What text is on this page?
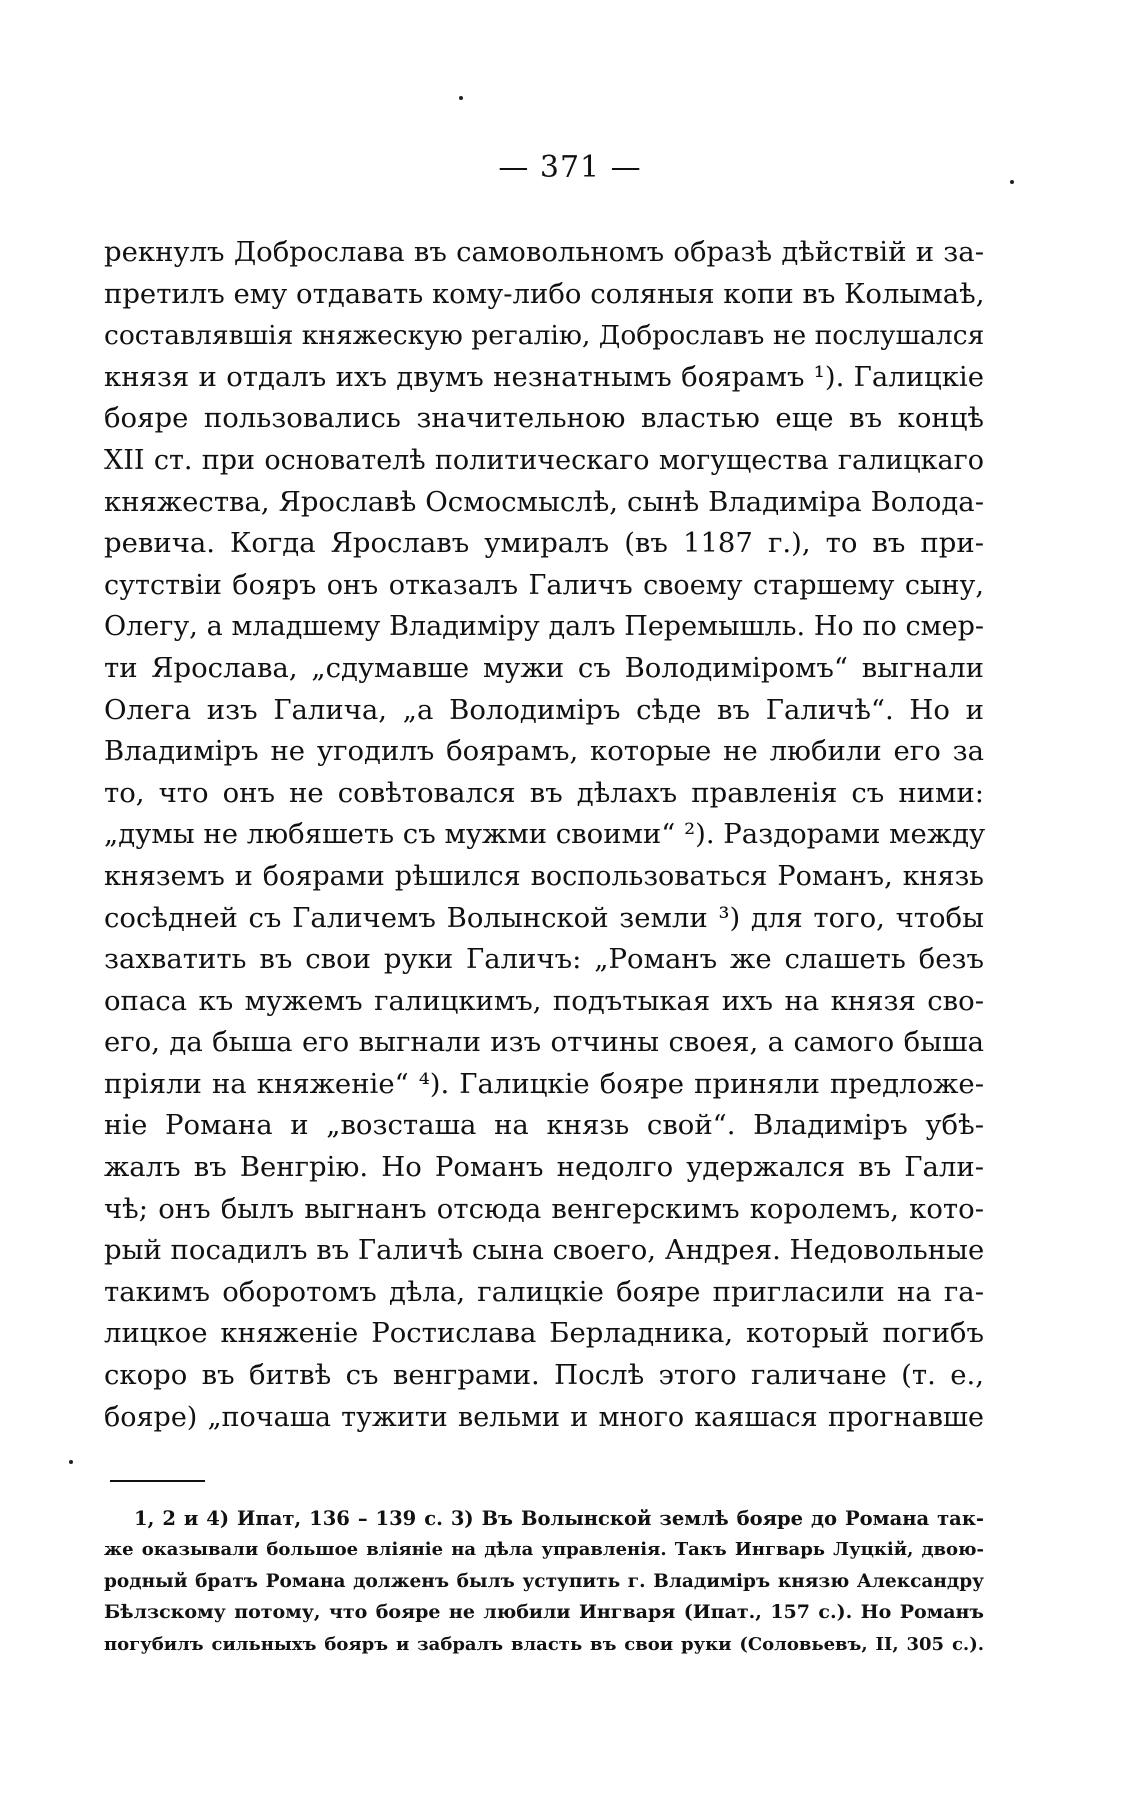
— 371 —
рекнулъ Доброслава въ самовольномъ образѣ дѣйствій и за-
претилъ ему отдавать кому-либо соляныя копи въ Колымаѣ,
составлявшія княжескую регалію, Доброславъ не послушался
князя и отдалъ ихъ двумъ незнатнымъ боярамъ ¹). Галицкіе
бояре пользовались значительною властью еще въ концѣ
XII ст. при основателѣ политическаго могущества галицкаго
княжества, Ярославѣ Осмосмыслѣ, сынѣ Владиміра Волода-
ревича. Когда Ярославъ умиралъ (въ 1187 г.), то въ при-
сутствіи бояръ онъ отказалъ Галичъ своему старшему сыну,
Олегу, а младшему Владиміру далъ Перемышль. Но по смер-
ти Ярослава, „сдумавше мужи съ Володиміромъ“ выгнали
Олега изъ Галича, „а Володиміръ сѣде въ Галичѣ“. Но и
Владиміръ не угодилъ боярамъ, которые не любили его за
то, что онъ не совѣтовался въ дѣлахъ правленія съ ними:
„думы не любяшеть съ мужми своими“ ²). Раздорами между
княземъ и боярами рѣшился воспользоваться Романъ, князь
сосѣдней съ Галичемъ Волынской земли ³) для того, чтобы
захватить въ свои руки Галичъ: „Романъ же слашеть безъ
опаса къ мужемъ галицкимъ, подътыкая ихъ на князя сво-
его, да быша его выгнали изъ отчины своея, а самого быша
пріяли на княженіе“ ⁴). Галицкіе бояре приняли предложе-
ніе Романа и „возсташа на князь свой“. Владиміръ убѣ-
жалъ въ Венгрію. Но Романъ недолго удержался въ Гали-
чѣ; онъ былъ выгнанъ отсюда венгерскимъ королемъ, кото-
рый посадилъ въ Галичѣ сына своего, Андрея. Недовольные
такимъ оборотомъ дѣла, галицкіе бояре пригласили на га-
лицкое княженіе Ростислава Берладника, который погибъ
скоро въ битвѣ съ венграми. Послѣ этого галичане (т. е.,
бояре) „почаша тужити вельми и много каяшася прогнавше
1, 2 и 4) Ипат, 136 – 139 с. 3) Въ Волынской землѣ бояре до Романа так-
же оказывали большое вліяніе на дѣла управленія. Такъ Ингварь Луцкій, двою-
родный братъ Романа долженъ былъ уступить г. Владиміръ князю Александру
Бѣлзскому потому, что бояре не любили Ингваря (Ипат., 157 с.). Но Романъ
погубилъ сильныхъ бояръ и забралъ власть въ свои руки (Соловьевъ, II, 305 с.).
